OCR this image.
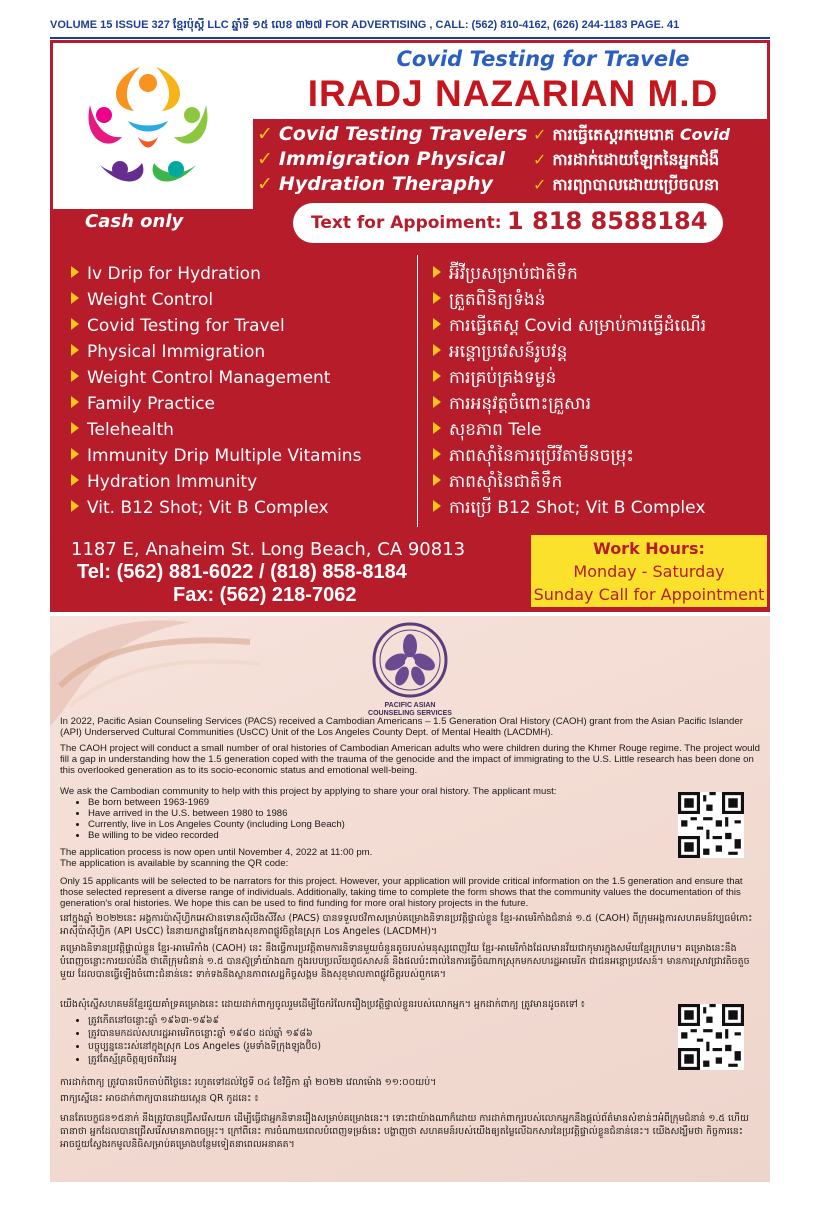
VOLUME 15 ISSUE 327 ខ្មែរប៉ុស្តិ៍ LLC ឆ្នាំទី ១៥ លេខ ៣២៧ FOR ADVERTISING , CALL: (562) 810-4162, (626) 244-1183 PAGE. 41
Covid Testing for Travele
IRADJ NAZARIAN M.D
✓ Covid Testing Travelers
✓ Immigration Physical
✓ Hydration Theraphy
✓ ការធ្វើតេស្តរកមេរោគ Covid
✓ ការដាក់ដោយឡែកនៃអ្នកជំងឺ
✓ ការព្យាបាលដោយប្រើចលនា
Cash only	Text for Appoiment: 1 818 8588184
Iv Drip for Hydration
Weight Control
Covid Testing for Travel
Physical Immigration
Weight Control Management
Family Practice
Telehealth
Immunity Drip Multiple Vitamins
Hydration Immunity
Vit. B12 Shot; Vit B Complex
អ៊ីវីប្រសម្រាប់ជាតិទឹក
ត្រួតពិនិត្យទំងន់
ការធ្វើតេស្ត Covid សម្រាប់ការធ្វើដំណើរ
អន្តោប្រវេសន៍រូបវន្ត
ការគ្រប់គ្រងទម្ងន់
ការអនុវត្តចំពោះគ្រួសារ
សុខភាព Tele
ភាពស៊ាំនៃការប្រើវីតាមីនចម្រុះ
ភាពស៊ាំនៃជាតិទឹក
ការប្រើ B12 Shot; Vit B Complex
1187 E, Anaheim St. Long Beach, CA 90813
Tel: (562) 881-6022 / (818) 858-8184
Fax: (562) 218-7062
Work Hours:
Monday - Saturday
Sunday Call for Appointment
PACIFIC ASIAN
COUNSELING SERVICES
In 2022, Pacific Asian Counseling Services (PACS) received a Cambodian Americans – 1.5 Generation Oral History (CAOH) grant from the Asian Pacific Islander (API) Underserved Cultural Communities (UsCC) Unit of the Los Angeles County Dept. of Mental Health (LACDMH).
The CAOH project will conduct a small number of oral histories of Cambodian American adults who were children during the Khmer Rouge regime. The project would fill a gap in understanding how the 1.5 generation coped with the trauma of the genocide and the impact of immigrating to the U.S. Little research has been done on this overlooked generation as to its socio-economic status and emotional well-being.
We ask the Cambodian community to help with this project by applying to share your oral history. The applicant must:
• Be born between 1963-1969
• Have arrived in the U.S. between 1980 to 1986
• Currently, live in Los Angeles County (including Long Beach)
• Be willing to be video recorded
The application process is now open until November 4, 2022 at 11:00 pm.
The application is available by scanning the QR code:
Only 15 applicants will be selected to be narrators for this project. However, your application will provide critical information on the 1.5 generation and ensure that those selected represent a diverse range of individuals. Additionally, taking time to complete the form shows that the community values the documentation of this generation's oral histories. We hope this can be used to find funding for more oral history projects in the future.
នៅក្នុងឆ្នាំ ២០២២នេះ អង្គការប៉ាស៊ីហ្វិកអេស៊ានទោនស៊ីលីងសឺវីស (PACS) បានទទួលថវិកាសម្រាប់គម្រោងនិទានប្រវត្តិផ្ទាល់ខ្លួន ខ្មែរ-អាមេរិកាំងជំនាន់ ១.៥ (CAOH) ពីក្រុមអង្គការសហគមន៍វប្បធម៌កោះអាស៊ីប៉ាស៊ីហ្វិក (API UsCC) នៃនាយកដ្ឋានផ្នែកខាងសុខភាពផ្លូវចិត្តនៃស្រុក Los Angeles (LACDMH)។
គម្រោងនិទានប្រវត្តិផ្ទាល់ខ្លួន ខ្មែរ-អាមេរិកាំង (CAOH) នេះ នឹងធ្វើការប្រវត្តិតាមការនិទានមួយចំនួនតូចរបស់មនុស្សពេញវ័យ ខ្មែរ-អាមេរិកាំងដែលមានវ័យជាកុមារក្នុងសម័យខ្មែរក្រហម។ គម្រោងនេះនឹងបំពេញចន្លោះការយល់ដឹង ថាតើក្រុមជំនាន់ ១.៥ បានស៊ូទ្រាំយ៉ាងណា ក្នុងរបបប្រល័យពូជសាសន៍ និងផលប៉ះពាល់នៃការធ្វើចំណាកស្រុកមកសហរដ្ឋអាមេរិក ជាជនអន្តោប្រវេសន៍។ មានការស្រាវជ្រាវតិចតួចមួយ ដែលបានធ្វើឡើងចំពោះជំនាន់នេះ ទាក់ទងនឹងស្ថានភាពសេដ្ឋកិច្ចសង្គម និងសុខុមាលភាពផ្លូវចិត្តរបស់ពួកគេ។
យើងសុំស្នើសហគមន៍ខ្មែរជួយគាំទ្រគម្រោងនេះ ដោយដាក់ពាក្យចូលរួមដើម្បីចែករំលែករឿងប្រវត្តិផ្ទាល់ខ្លួនរបស់លោកអ្នក។ អ្នកដាក់ពាក្យ ត្រូវមានដូចតទៅ ៖
• ត្រូវកើតនៅចន្លោះឆ្នាំ ១៩៦៣-១៩៦៩
• ត្រូវបានមកដល់សហរដ្ឋអាមេរិកចន្លោះឆ្នាំ ១៩៨០ ដល់ឆ្នាំ ១៩៨៦
• បច្ចុប្បន្ននេះរស់នៅក្នុងស្រុក Los Angeles (រួមទាំងទីក្រុងឡុងប៊ិច)
• ត្រូវតែស្ម័គ្រចិត្តឲ្យថតវីដេអូ
ការដាក់ពាក្យ ត្រូវបានបើកចាប់ពីថ្ងៃនេះ រហូតទៅដល់ថ្ងៃទី ០៤ ខែវិច្ឆិកា ឆ្នាំ ២០២២ វេលាម៉ោង ១១:០០យប់។
ពាក្យស្នើនេះ អាចដាក់ពាក្យបានដោយស្កេន QR កូដនេះ ៖
មានតែបេក្ខជន១៥នាក់ នឹងត្រូវបានជ្រើសរើសយក ដើម្បីធ្វើជាអ្នកនិទានរឿងសម្រាប់គម្រោងនេះ។ ទោះជាយ៉ាងណាក៏ដោយ ការដាក់ពាក្យរបស់លោកអ្នកនឹងផ្តល់ព័ត៌មានសំខាន់ៗអំពីក្រុមជំនាន់ ១.៥ ហើយធានាថា អ្នកដែលបានជ្រើសរើសមានភាពចម្រុះ។ ក្រៅពីនេះ ការចំណាយពេលបំពេញទម្រង់នេះ បង្ហាញថា សហគមន៍របស់យើងឲ្យតម្លៃលើឯកសារនៃប្រវត្តិផ្ទាល់ខ្លួនជំនាន់នេះ។ យើងសង្ឃឹមថា កិច្ចការនេះអាចជួយស្វែងរកមូលនិធិសម្រាប់គម្រោងបន្ថែមទៀតនាពេលអនាគត។
